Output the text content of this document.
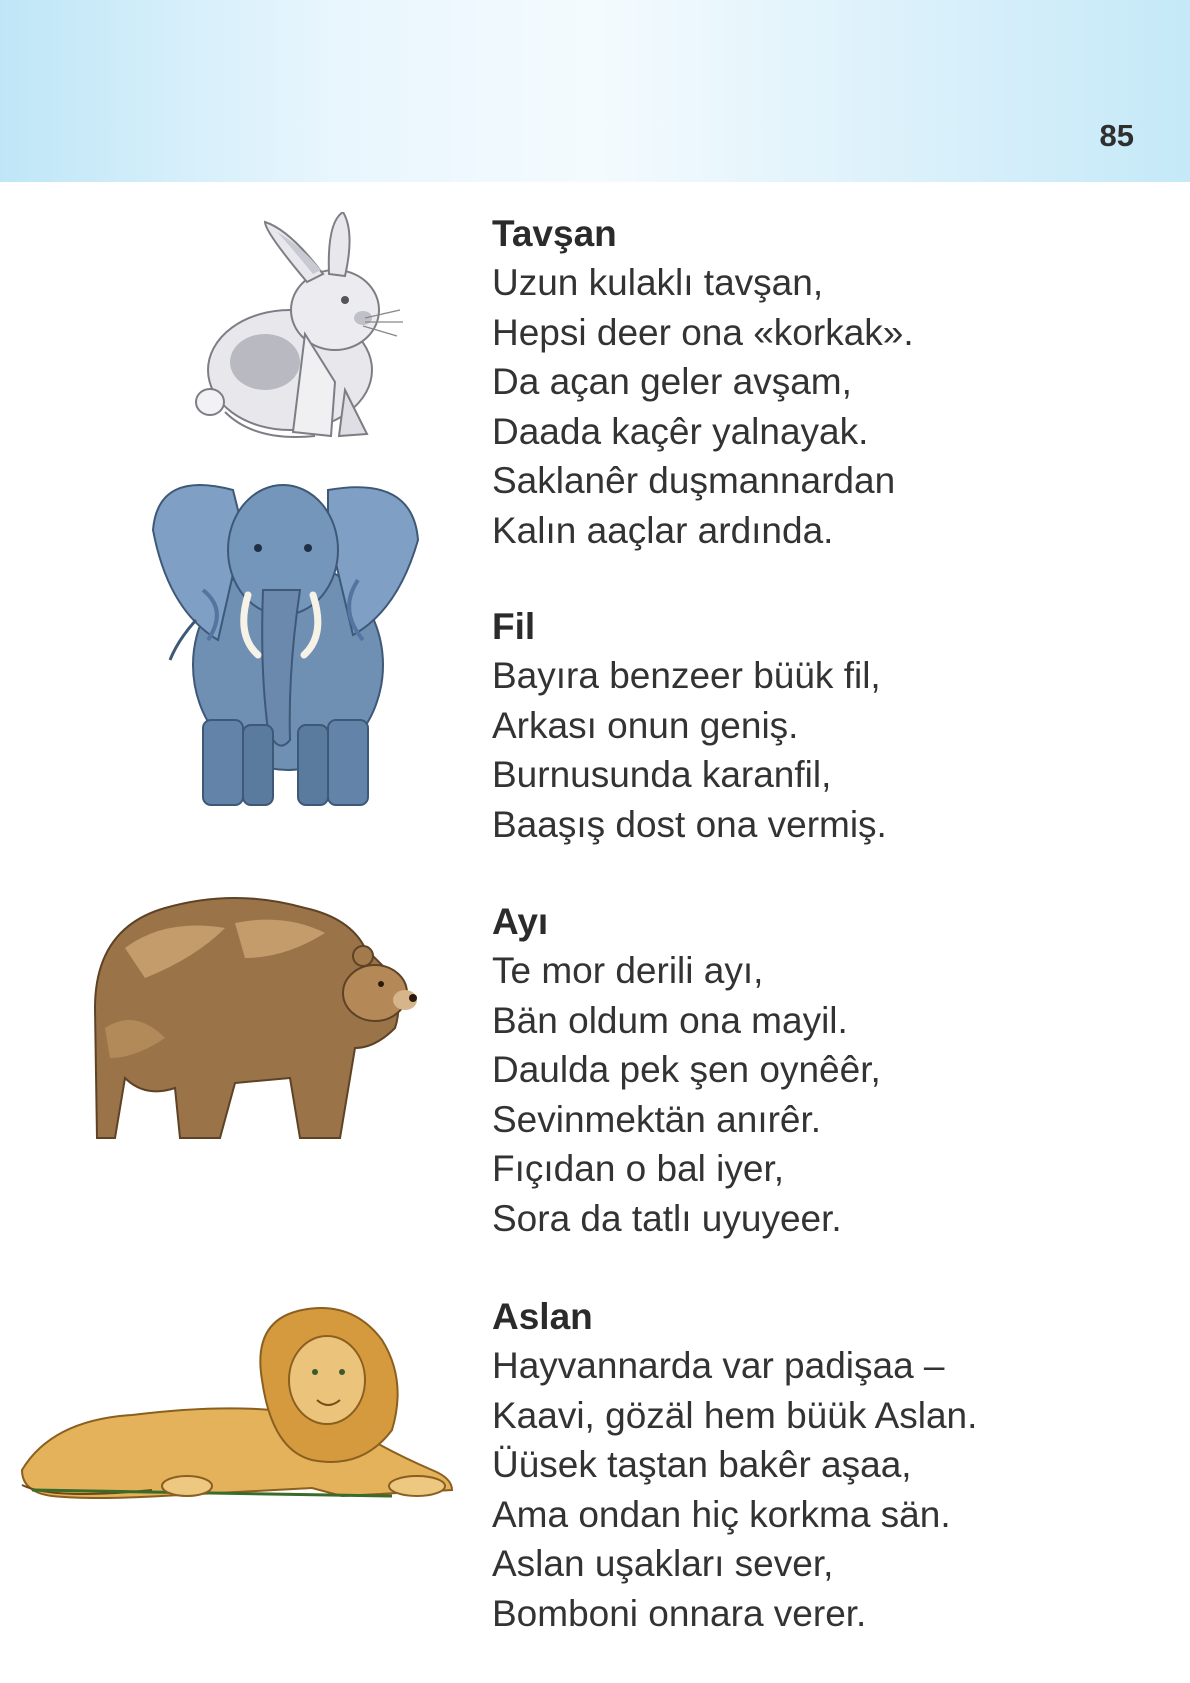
85
Tavşan
Uzun kulaklı tavşan,
Hepsi deer ona «korkak».
Da açan geler avşam,
Daada kaçêr yalnayak.
Saklanêr duşmannardan
Kalın aaçlar ardında.
Fil
Bayıra benzeer büük fil,
Arkası onun geniş.
Burnusunda karanfil,
Baaşış dost ona vermiş.
Ayı
Te mor derili ayı,
Bän oldum ona mayil.
Daulda pek şen oynêêr,
Sevinmektän anırêr.
Fıçıdan o bal iyer,
Sora da tatlı uyuyeer.
Aslan
Hayvannarda var padişaa –
Kaavi, gözäl hem büük Aslan.
Üüsek taştan bakêr aşaa,
Ama ondan hiç korkma sän.
Aslan uşakları sever,
Bomboni onnara verer.
